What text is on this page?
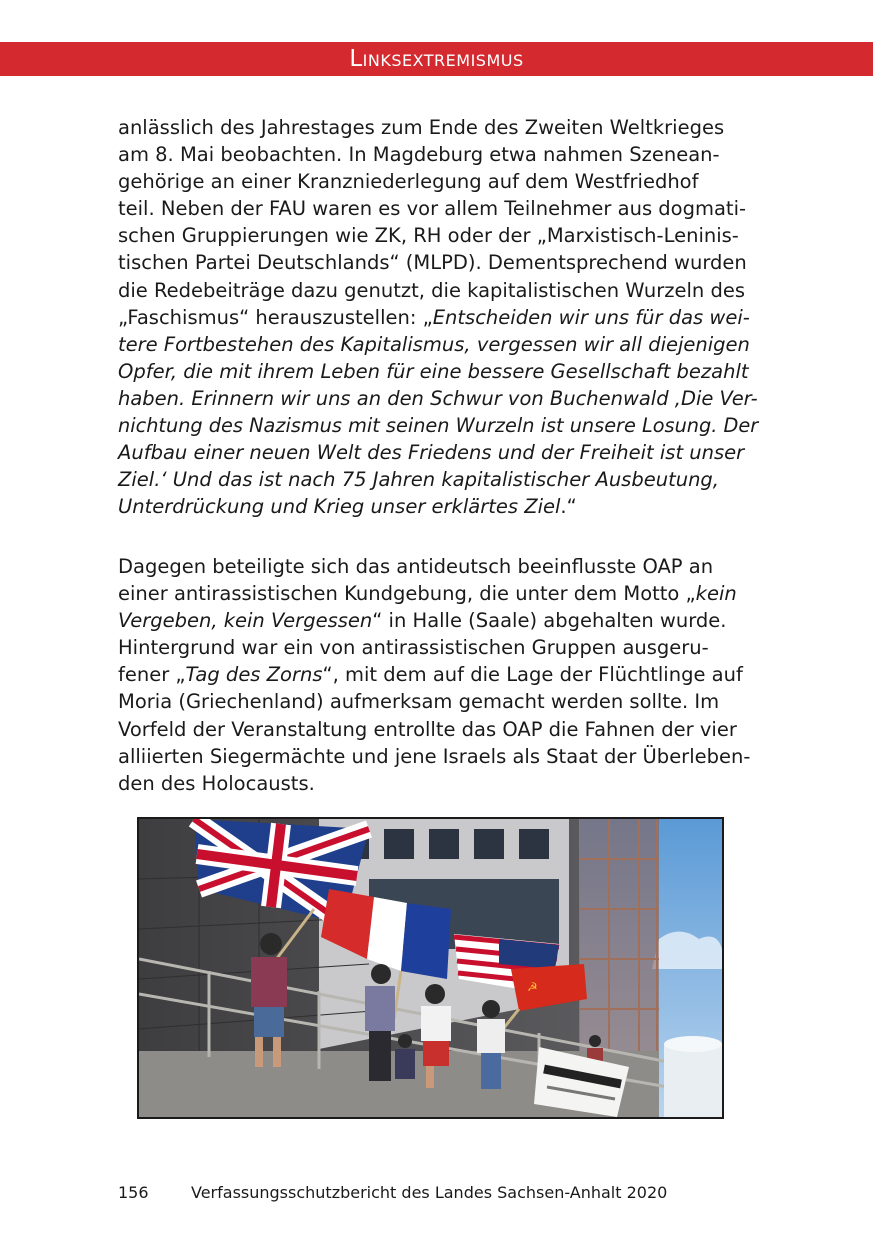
Linksextremismus
anlässlich des Jahrestages zum Ende des Zweiten Weltkrieges
am 8. Mai beobachten. In Magdeburg etwa nahmen Szenean-
gehörige an einer Kranzniederlegung auf dem Westfriedhof
teil. Neben der FAU waren es vor allem Teilnehmer aus dogmati-
schen Gruppierungen wie ZK, RH oder der „Marxistisch-Leninis-
tischen Partei Deutschlands“ (MLPD). Dementsprechend wurden
die Redebeiträge dazu genutzt, die kapitalistischen Wurzeln des
„Faschismus“ herauszustellen: „Entscheiden wir uns für das wei-
tere Fortbestehen des Kapitalismus, vergessen wir all diejenigen
Opfer, die mit ihrem Leben für eine bessere Gesellschaft bezahlt
haben. Erinnern wir uns an den Schwur von Buchenwald ‚Die Ver-
nichtung des Nazismus mit seinen Wurzeln ist unsere Losung. Der
Aufbau einer neuen Welt des Friedens und der Freiheit ist unser
Ziel.‘ Und das ist nach 75 Jahren kapitalistischer Ausbeutung,
Unterdrückung und Krieg unser erklärtes Ziel.“
Dagegen beteiligte sich das antideutsch beeinflusste OAP an
einer antirassistischen Kundgebung, die unter dem Motto „kein
Vergeben, kein Vergessen“ in Halle (Saale) abgehalten wurde.
Hintergrund war ein von antirassistischen Gruppen ausgeru-
fener „Tag des Zorns“, mit dem auf die Lage der Flüchtlinge auf
Moria (Griechenland) aufmerksam gemacht werden sollte. Im
Vorfeld der Veranstaltung entrollte das OAP die Fahnen der vier
alliierten Siegermächte und jene Israels als Staat der Überleben-
den des Holocausts.
☭
156	Verfassungsschutzbericht des Landes Sachsen-Anhalt 2020
